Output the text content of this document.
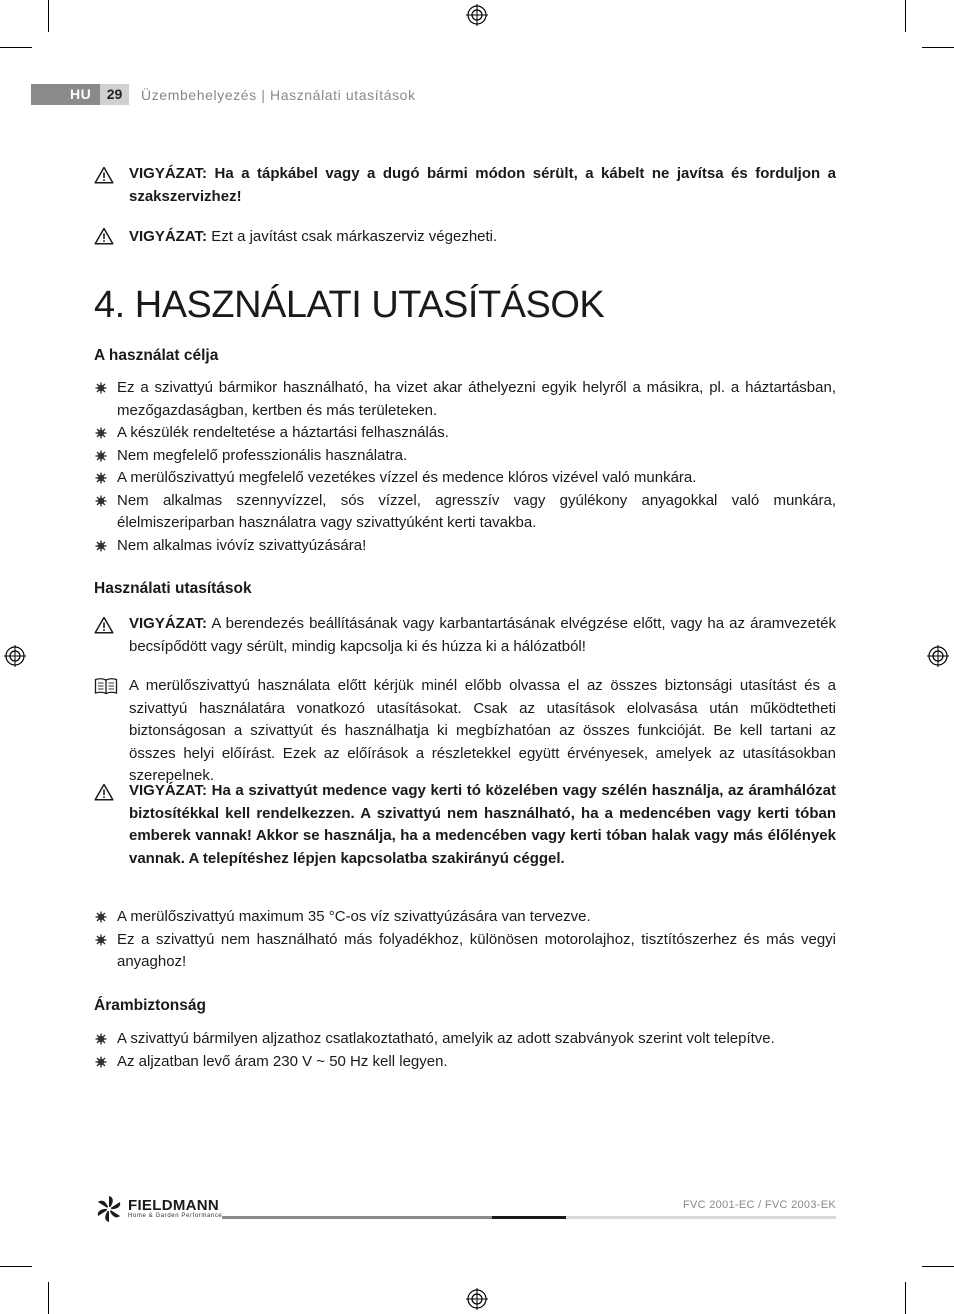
HU	29	Üzembehelyezés | Használati utasítások
VIGYÁZAT: Ha a tápkábel vagy a dugó bármi módon sérült, a kábelt ne javítsa és forduljon a szakszervizhez!
VIGYÁZAT: Ezt a javítást csak márkaszerviz végezheti.
4. HASZNÁLATI UTASÍTÁSOK
A használat célja
Ez a szivattyú bármikor használható, ha vizet akar áthelyezni egyik helyről a másikra, pl. a háztartásban, mezőgazdaságban, kertben és más területeken.
A készülék rendeltetése a háztartási felhasználás.
Nem megfelelő professzionális használatra.
A merülőszivattyú megfelelő vezetékes vízzel és medence klóros vizével való munkára.
Nem alkalmas szennyvízzel, sós vízzel, agresszív vagy gyúlékony anyagokkal való munkára, élelmiszeriparban használatra vagy szivattyúként kerti tavakba.
Nem alkalmas ivóvíz szivattyúzására!
Használati utasítások
VIGYÁZAT: A berendezés beállításának vagy karbantartásának elvégzése előtt, vagy ha az áramvezeték becsípődött vagy sérült, mindig kapcsolja ki és húzza ki a hálózatból!
A merülőszivattyú használata előtt kérjük minél előbb olvassa el az összes biztonsági utasítást és a szivattyú használatára vonatkozó utasításokat. Csak az utasítások elolvasása után működtetheti biztonságosan a szivattyút és használhatja ki megbízhatóan az összes funkcióját. Be kell tartani az összes helyi előírást. Ezek az előírások a részletekkel együtt érvényesek, amelyek az utasításokban szerepelnek.
VIGYÁZAT: Ha a szivattyút medence vagy kerti tó közelében vagy szélén használja, az áramhálózat biztosítékkal kell rendelkezzen. A szivattyú nem használható, ha a medencében vagy kerti tóban emberek vannak! Akkor se használja, ha a medencében vagy kerti tóban halak vagy más élőlények vannak. A telepítéshez lépjen kapcsolatba szakirányú céggel.
A merülőszivattyú maximum 35 °C-os víz szivattyúzására van tervezve.
Ez a szivattyú nem használható más folyadékhoz, különösen motorolajhoz, tisztítószerhez és más vegyi anyaghoz!
Árambiztonság
A szivattyú bármilyen aljzathoz csatlakoztatható, amelyik az adott szabványok szerint volt telepítve.
Az aljzatban levő áram 230 V ~ 50 Hz kell legyen.
FIELDMANN
Home & Garden Performance
FVC 2001-EC / FVC 2003-EK
